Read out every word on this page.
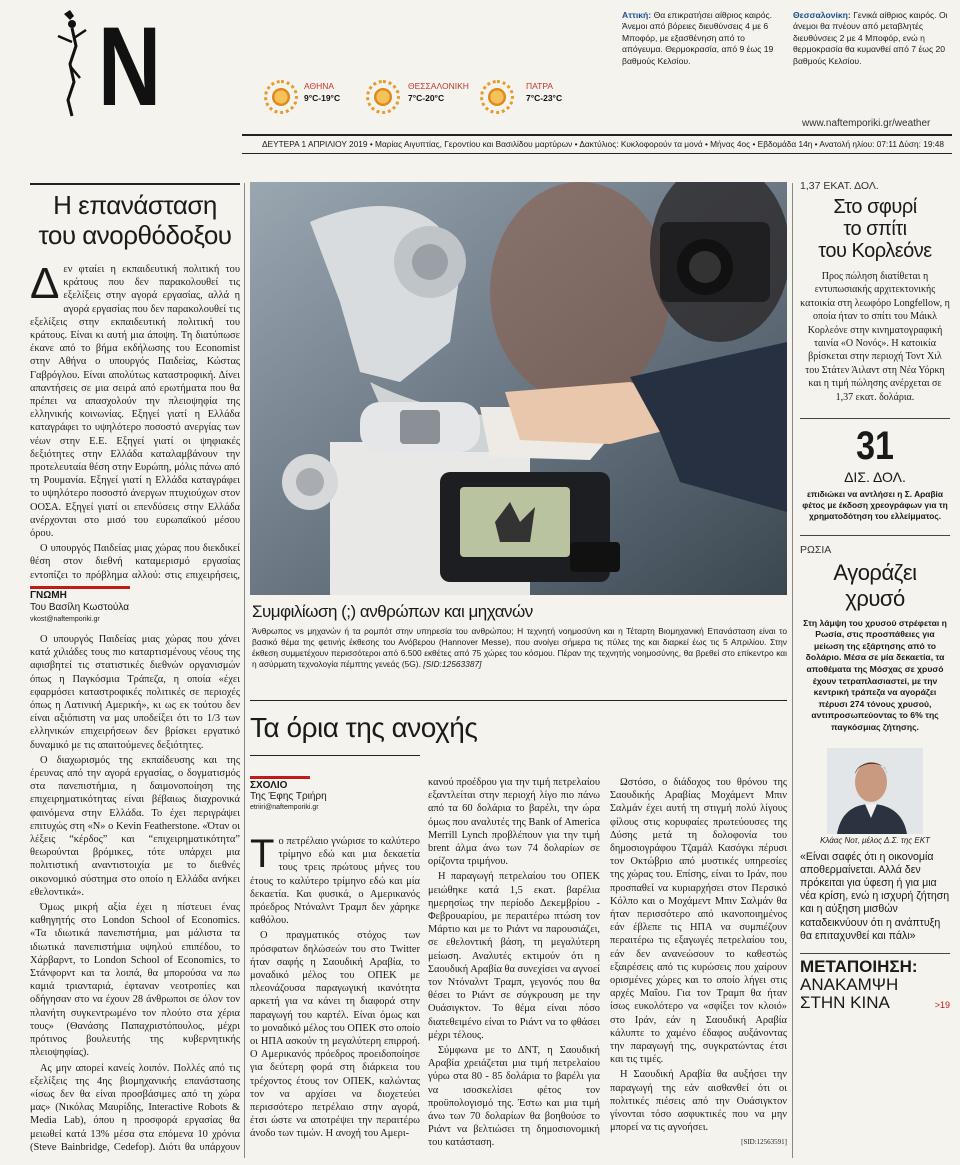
N	ΑΘΗΝΑ
9°C-19°C
ΘΕΣΣΑΛΟΝΙΚΗ
7°C-20°C
ΠΑΤΡΑ
7°C-23°C
Αττική: Θα επικρατήσει αίθριος καιρός. Άνεμοι από βόρειες διευθύνσεις 4 με 6 Μποφόρ, με εξασθένηση από το απόγευμα. Θερμοκρασία, από 9 έως 19 βαθμούς Κελσίου.
Θεσσαλονίκη: Γενικά αίθριος καιρός. Οι άνεμοι θα πνέουν από μεταβλητές διευθύνσεις 2 με 4 Μποφόρ, ενώ η θερμοκρασία θα κυμανθεί από 7 έως 20 βαθμούς Κελσίου.
www.naftemporiki.gr/weather
ΔΕΥΤΕΡΑ 1 ΑΠΡΙΛΙΟΥ 2019 • Μαρίας Αιγυπτίας, Γεροντίου και Βασιλίδου μαρτύρων • Δακτύλιος: Κυκλοφορούν τα μονά • Μήνας 4ος • Εβδομάδα 14η • Ανατολή ηλίου: 07:11 Δύση: 19:48
Η επανάσταση
του ανορθόδοξου
Δ εν φταίει η εκπαιδευτική πολιτική του κράτους που δεν παρακολουθεί τις εξελίξεις στην αγορά εργασίας, αλλά η αγορά εργασίας που δεν παρακολουθεί τις εξελίξεις στην εκπαιδευτική πολιτική του κράτους. Είναι κι αυτή μια άποψη. Τη διατύπωσε έκανε από το βήμα εκδήλωσης του Economist στην Αθήνα ο υπουργός Παιδείας, Κώστας Γαβρόγλου. Είναι απολύτως καταστροφική. Δίνει απαντήσεις σε μια σειρά από ερωτήματα που θα πρέπει να απασχολούν την πλειοψηφία της ελληνικής κοινωνίας. Εξηγεί γιατί η Ελλάδα καταγράφει το υψηλότερο ποσοστό ανεργίας των νέων στην Ε.Ε. Εξηγεί γιατί οι ψηφιακές δεξιότητες στην Ελλάδα καταλαμβάνουν την προτελευταία θέση στην Ευρώπη, μόλις πάνω από τη Ρουμανία. Εξηγεί γιατί η Ελλάδα καταγράφει το υψηλότερο ποσοστό άνεργων πτυχιούχων στον ΟΟΣΑ. Εξηγεί γιατί οι επενδύσεις στην Ελλάδα ανέρχονται στο μισό του ευρωπαϊκού μέσου όρου.

Ο υπουργός Παιδείας μιας χώρας που διεκδικεί θέση στον διεθνή καταμερισμό εργασίας εντοπίζει το πρόβλημα αλλού: στις επιχειρήσεις,

ΓΝΩΜΗ
Του Βασίλη Κωστούλα
vkost@naftemporiki.gr

Ο υπουργός Παιδείας μιας χώρας που χάνει κατά χιλιάδες τους πιο καταρτισμένους νέους της αφισβητεί τις στατιστικές διεθνών οργανισμών όπως η Παγκόσμια Τράπεζα, η οποία «έχει εφαρμόσει καταστροφικές πολιτικές σε περιοχές όπως η Λατινική Αμερική», κι ως εκ τούτου δεν είναι αξιόπιστη να μας υποδείξει ότι το 1/3 των ελληνικών επιχειρήσεων δεν βρίσκει εργατικό δυναμικό με τις απαιτούμενες δεξιότητες.

Ο διαχωρισμός της εκπαίδευσης και της έρευνας από την αγορά εργασίας, ο δογματισμός στα πανεπιστήμια, η δαιμονοποίηση της επιχειρηματικότητας είναι βέβαιως διαχρονικά φαινόμενα στην Ελλάδα. Το έχει περιγράψει επιτυχώς στη «Ν» ο Kevin Featherstone. «Όταν οι λέξεις “κέρδος” και “επιχειρηματικότητα” θεωρούνται βρόμικες, τότε υπάρχει μια πολιτιστική αναντιστοιχία με το διεθνές οικονομικό σύστημα στο οποίο η Ελλάδα ανήκει εθελοντικά».

Όμως μικρή αξία έχει η πίστευει ένας καθηγητής στο London School of Economics. «Τα ιδιωτικά πανεπιστήμια, μαι μάλιστα τα ιδιωτικά πανεπιστήμια υψηλού επιπέδου, το Χάρβαρντ, το London School of Economics, το Στάνφορντ και τα λοιπά, θα μπορούσα να πω καμιά τριανταριά, έφταναν νεοτροπίες και οδήγησαν στο να έχουν 28 άνθρωποι σε όλον τον πλανήτη συγκεντρωμένο τον πλούτο στα χέρια τους» (Θανάσης Παπαχριστόπουλος, μέχρι πρότινος βουλευτής της κυβερνητικής πλειοψηφίας).

Ας μην απορεί κανείς λοιπόν. Πολλές από τις εξελίξεις της 4ης βιομηχανικής επανάστασης «ίσως δεν θα είναι προσβάσιμες από τη χώρα μας» (Νικόλας Μαυρίδης, Interactive Robots & Media Lab), όπου η προσφορά εργασίας θα μειωθεί κατά 13% μέσα στα επόμενα 10 χρόνια (Steve Bainbridge, Cedefop). Διότι θα υπάρχουν

Συμφιλίωση (;) ανθρώπων και μηχανών
Άνθρωπος vs μηχανών ή τα ρομπότ στην υπηρεσία του ανθρώπου; Η τεχνητή νοημοσύνη και η Τέταρτη Βιομηχανική Επανάσταση είναι το βασικό θέμα της φετινής έκθεσης του Ανόβερου (Hannover Messe), που ανοίγει σήμερα τις πύλες της και διαρκεί έως τις 5 Απριλίου. Στην έκθεση συμμετέχουν περισσότεροι από 6.500 εκθέτες από 75 χώρες του κόσμου. Πέραν της τεχνητής νοημοσύνης, θα βρεθεί στο επίκεντρο και η ασύρματη τεχνολογία πέμπτης γενεάς (5G). [SID:12563387]
Τα όρια της ανοχής
ΣΧΟΛΙΟ
Της Έφης Τριήρη
etriiri@naftemporiki.gr
Τ ο πετρέλαιο γνώρισε το καλύτερο τρίμηνο εδώ και μια δεκαετία τους τρεις πρώτους μήνες του έτους το καλύτερο τρίμηνο εδώ και μία δεκαετία. Και φυσικά, ο Αμερικανός πρόεδρος Ντόναλντ Τραμπ δεν χάρηκε καθόλου.

Ο πραγματικός στόχος των πρόσφατων δηλώσεών του στο Twitter ήταν σαφής η Σαουδική Αραβία, το μοναδικό μέλος του ΟΠΕΚ με πλεονάζουσα παραγωγική ικανότητα αρκετή για να κάνει τη διαφορά στην παραγωγή του καρτέλ. Είναι όμως και το μοναδικό μέλος του ΟΠΕΚ στο οποίο οι ΗΠΑ ασκούν τη μεγαλύτερη επιρροή. Ο Αμερικανός πρόεδρος προειδοποίησε για δεύτερη φορά στη διάρκεια του τρέχοντος έτους τον ΟΠΕΚ, καλώντας τον να αρχίσει να διοχετεύει περισσότερο πετρέλαιο στην αγορά, έτσι ώστε να αποτρέψει την περαιτέρω άνοδο των τιμών. Η ανοχή του Αμερι-

κανού προέδρου για την τιμή πετρελαίου εξαντλείται στην περιοχή λίγο πιο πάνω από τα 60 δολάρια το βαρέλι, την ώρα όμως που αναλυτές της Bank of America Merrill Lynch προβλέπουν για την τιμή brent άλμα άνω των 74 δολαρίων σε ορίζοντα τριμήνου.

Η παραγωγή πετρελαίου του ΟΠΕΚ μειώθηκε κατά 1,5 εκατ. βαρέλια ημερησίως την περίοδο Δεκεμβρίου - Φεβρουαρίου, με περαιτέρω πτώση τον Μάρτιο και με το Ριάντ να παρουσιάζει, σε εθελοντική βάση, τη μεγαλύτερη μείωση. Αναλυτές εκτιμούν ότι η Σαουδική Αραβία θα συνεχίσει να αγνοεί τον Ντόναλντ Τραμπ, γεγονός που θα θέσει το Ριάντ σε σύγκρουση με την Ουάσιγκτον. Το θέμα είναι πόσο διατεθειμένο είναι το Ριάντ να το φθάσει μέχρι τέλους.

Σύμφωνα με το ΔΝΤ, η Σαουδική Αραβία χρειάζεται μια τιμή πετρελαίου γύρω στα 80 - 85 δολάρια το βαρέλι για να ισοσκελίσει φέτος τον προϋπολογισμό της. Έστω και μια τιμή άνω των 70 δολαρίων θα βοηθούσε το Ριάντ να βελτιώσει τη δημοσιονομική του κατάσταση.

Ωστόσο, ο διάδοχος του θρόνου της Σαουδικής Αραβίας Μοχάμεντ Μπιν Σαλμάν έχει αυτή τη στιγμή πολύ λίγους φίλους στις κορυφαίες πρωτεύουσες της Δύσης μετά τη δολοφονία του δημοσιογράφου Τζαμάλ Κασόγκι πέρυσι τον Οκτώβριο από μυστικές υπηρεσίες της χώρας του. Επίσης, είναι το Ιράν, που προσπαθεί να κυριαρχήσει στον Περσικό Κόλπο και ο Μοχάμεντ Μπιν Σαλμάν θα ήταν περισσότερο από ικανοποιημένος εάν έβλεπε τις ΗΠΑ να συμπιέζουν περαιτέρω τις εξαγωγές πετρελαίου του, εάν δεν ανανεώσουν το καθεστώς εξαιρέσεις από τις κυρώσεις που χαίρουν ορισμένες χώρες και το οποίο λήγει στις αρχές Μαΐου. Για τον Τραμπ θα ήταν ίσως ευκολότερο να «σφίξει τον κλοιό» στο Ιράν, εάν η Σαουδική Αραβία κάλυπτε το χαμένο έδαφος αυξάνοντας την παραγωγή της, συγκρατώντας έτσι και τις τιμές.

Η Σαουδική Αραβία θα αυξήσει την παραγωγή της εάν αισθανθεί ότι οι πολιτικές πιέσεις από την Ουάσιγκτον γίνονται τόσο ασφυκτικές που να μην μπορεί να τις αγνοήσει.

[SID:12563591]

1,37 ΕΚΑΤ. ΔΟΛ.
Στο σφυρί
το σπίτι
του Κορλεόνε
Προς πώληση διατίθεται η εντυπωσιακής αρχιτεκτονικής κατοικία στη λεωφόρο Longfellow, η οποία ήταν το σπίτι του Μάικλ Κορλεόνε στην κινηματογραφική ταινία «Ο Νονός». Η κατοικία βρίσκεται στην περιοχή Τοντ Χιλ του Στάτεν Άιλαντ στη Νέα Υόρκη και η τιμή πώλησης ανέρχεται σε 1,37 εκατ. δολάρια.
31
ΔΙΣ. ΔΟΛ.
επιδιώκει να αντλήσει η Σ. Αραβία φέτος με έκδοση χρεογράφων για τη χρηματοδότηση του ελλείμματος.
ΡΩΣΙΑ
Αγοράζει
χρυσό
Στη λάμψη του χρυσού στρέφεται η Ρωσία, στις προσπάθειες για μείωση της εξάρτησης από το δολάριο. Μέσα σε μία δεκαετία, τα αποθέματα της Μόσχας σε χρυσό έχουν τετραπλασιαστεί, με την κεντρική τράπεζα να αγοράζει πέρυσι 274 τόνους χρυσού, αντιπροσωπεύοντας το 6% της παγκόσμιας ζήτησης.
Κλάας Νοτ, μέλος Δ.Σ. της ΕΚΤ
«Είναι σαφές ότι η οικονομία αποθερμαίνεται. Αλλά δεν πρόκειται για ύφεση ή για μια νέα κρίση, ενώ η ισχυρή ζήτηση και η αύξηση μισθών καταδεικνύουν ότι η ανάπτυξη θα επιταχυνθεί και πάλι»
ΜΕΤΑΠΟΙΗΣΗ:
ΑΝΑΚΑΜΨΗ
ΣΤΗΝ ΚΙΝΑ	>19
